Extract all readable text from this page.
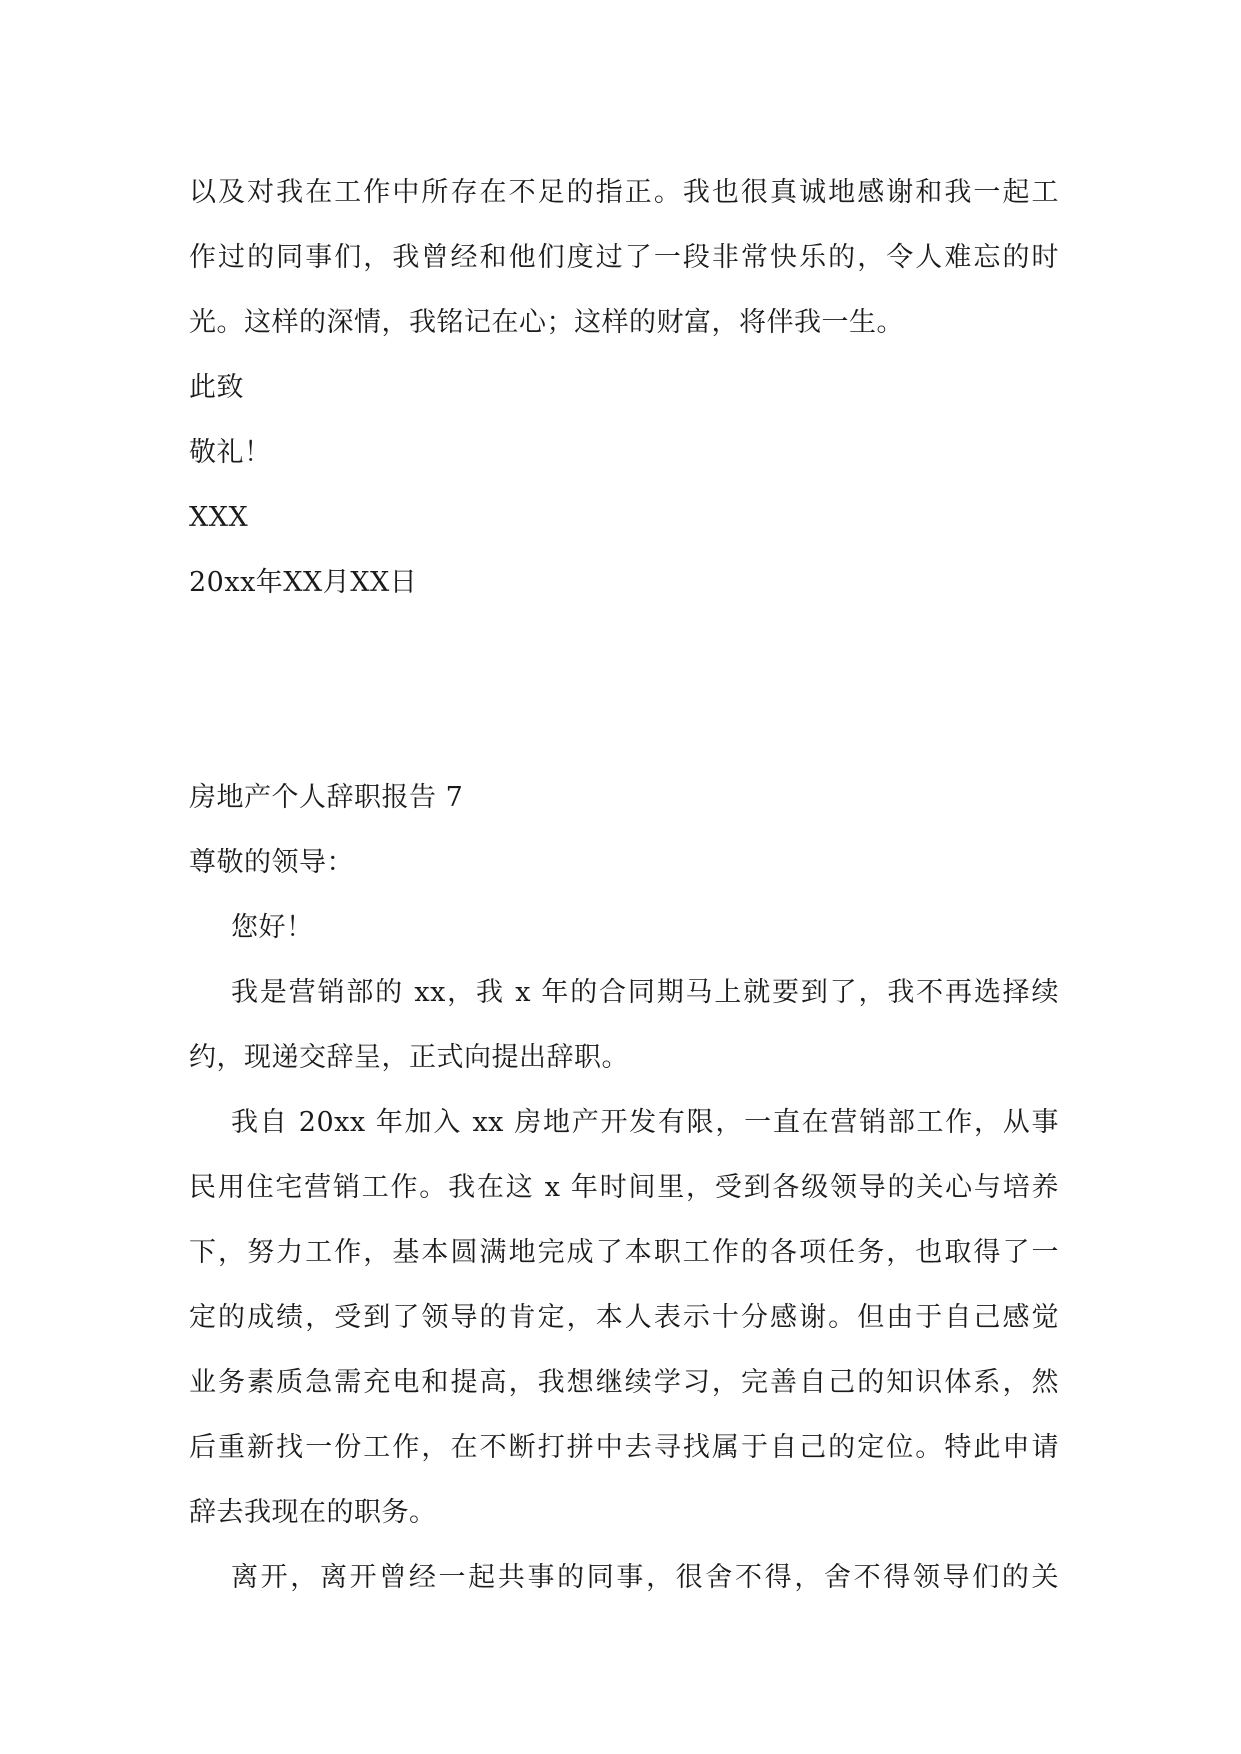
以及对我在工作中所存在不足的指正。我也很真诚地感谢和我一起工
作过的同事们，我曾经和他们度过了一段非常快乐的，令人难忘的时
光。这样的深情，我铭记在心；这样的财富，将伴我一生。
此致
敬礼！
XXX
20xx年XX月XX日
房地产个人辞职报告 7
尊敬的领导：
您好！
我是营销部的 xx，我 x 年的合同期马上就要到了，我不再选择续
约，现递交辞呈，正式向提出辞职。
我自 20xx 年加入 xx 房地产开发有限，一直在营销部工作，从事
民用住宅营销工作。我在这 x 年时间里，受到各级领导的关心与培养
下，努力工作，基本圆满地完成了本职工作的各项任务，也取得了一
定的成绩，受到了领导的肯定，本人表示十分感谢。但由于自己感觉
业务素质急需充电和提高，我想继续学习，完善自己的知识体系，然
后重新找一份工作，在不断打拼中去寻找属于自己的定位。特此申请
辞去我现在的职务。
离开，离开曾经一起共事的同事，很舍不得，舍不得领导们的关
